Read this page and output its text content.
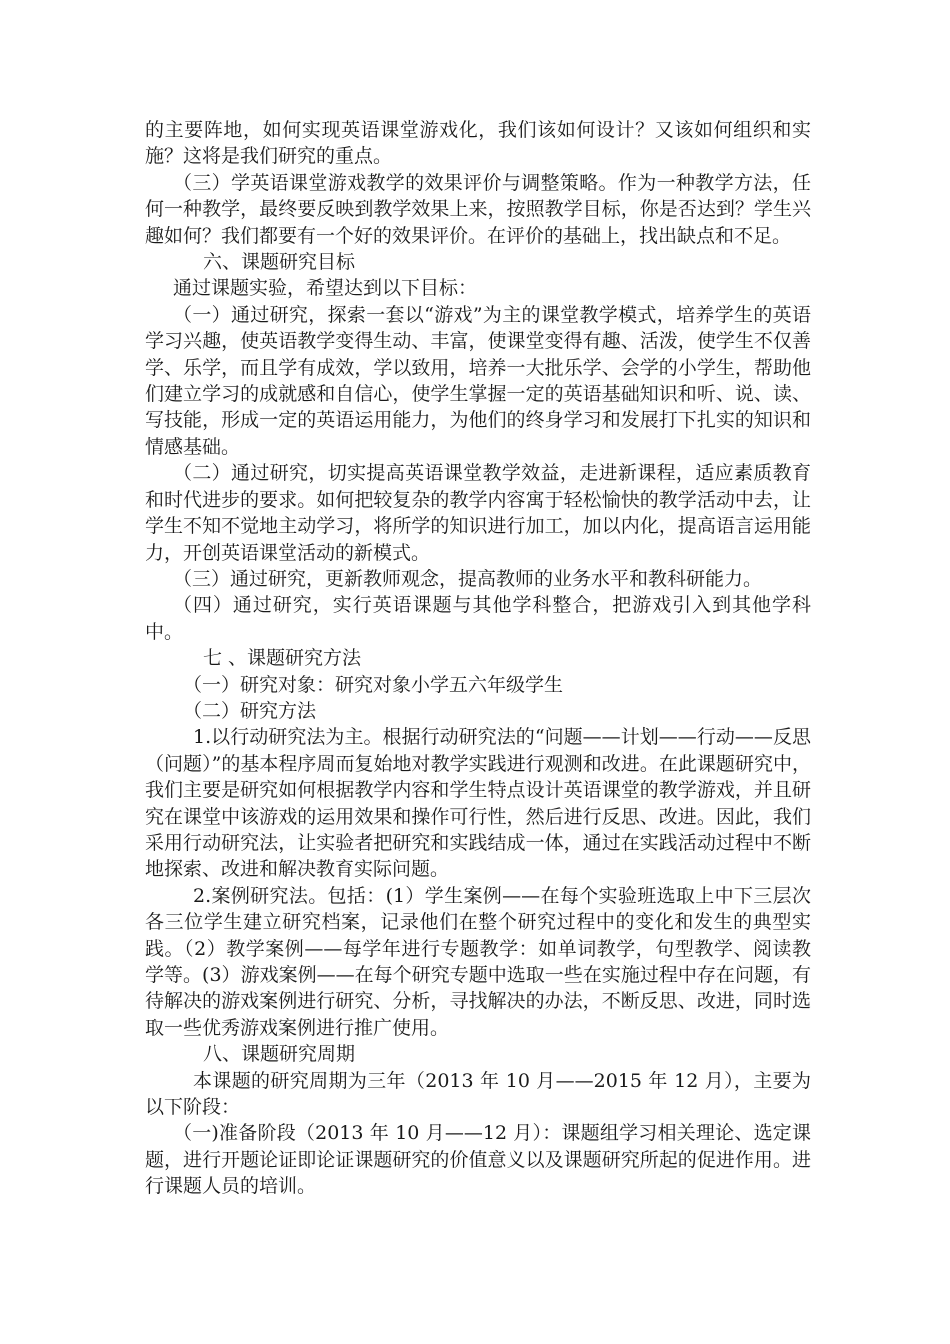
的主要阵地，如何实现英语课堂游戏化，我们该如何设计？又该如何组织和实施？这将是我们研究的重点。

（三）学英语课堂游戏教学的效果评价与调整策略。作为一种教学方法，任何一种教学，最终要反映到教学效果上来，按照教学目标，你是否达到？学生兴趣如何？我们都要有一个好的效果评价。在评价的基础上，找出缺点和不足。

六、课题研究目标

通过课题实验，希望达到以下目标：

（一）通过研究，探索一套以“游戏”为主的课堂教学模式，培养学生的英语学习兴趣，使英语教学变得生动、丰富，使课堂变得有趣、活泼，使学生不仅善学、乐学，而且学有成效，学以致用，培养一大批乐学、会学的小学生，帮助他们建立学习的成就感和自信心，使学生掌握一定的英语基础知识和听、说、读、写技能，形成一定的英语运用能力，为他们的终身学习和发展打下扎实的知识和情感基础。

（二）通过研究，切实提高英语课堂教学效益，走进新课程，适应素质教育和时代进步的要求。如何把较复杂的教学内容寓于轻松愉快的教学活动中去，让学生不知不觉地主动学习，将所学的知识进行加工，加以内化，提高语言运用能力，开创英语课堂活动的新模式。

（三）通过研究，更新教师观念，提高教师的业务水平和教科研能力。

（四）通过研究，实行英语课题与其他学科整合，把游戏引入到其他学科中。

七 、课题研究方法

（一）研究对象：研究对象小学五六年级学生

（二）研究方法

1.以行动研究法为主。根据行动研究法的“问题——计划——行动——反思（问题）”的基本程序周而复始地对教学实践进行观测和改进。在此课题研究中，我们主要是研究如何根据教学内容和学生特点设计英语课堂的教学游戏，并且研究在课堂中该游戏的运用效果和操作可行性，然后进行反思、改进。因此，我们采用行动研究法，让实验者把研究和实践结成一体，通过在实践活动过程中不断地探索、改进和解决教育实际问题。

2.案例研究法。包括：(1）学生案例——在每个实验班选取上中下三层次各三位学生建立研究档案，记录他们在整个研究过程中的变化和发生的典型实践。（2）教学案例——每学年进行专题教学：如单词教学，句型教学、阅读教学等。(3）游戏案例——在每个研究专题中选取一些在实施过程中存在问题，有待解决的游戏案例进行研究、分析，寻找解决的办法，不断反思、改进，同时选取一些优秀游戏案例进行推广使用。

八、课题研究周期

本课题的研究周期为三年（2013 年 10 月——2015 年 12 月），主要为以下阶段：

（一)准备阶段（2013 年 10 月——12 月）：课题组学习相关理论、选定课题，进行开题论证即论证课题研究的价值意义以及课题研究所起的促进作用。进行课题人员的培训。
